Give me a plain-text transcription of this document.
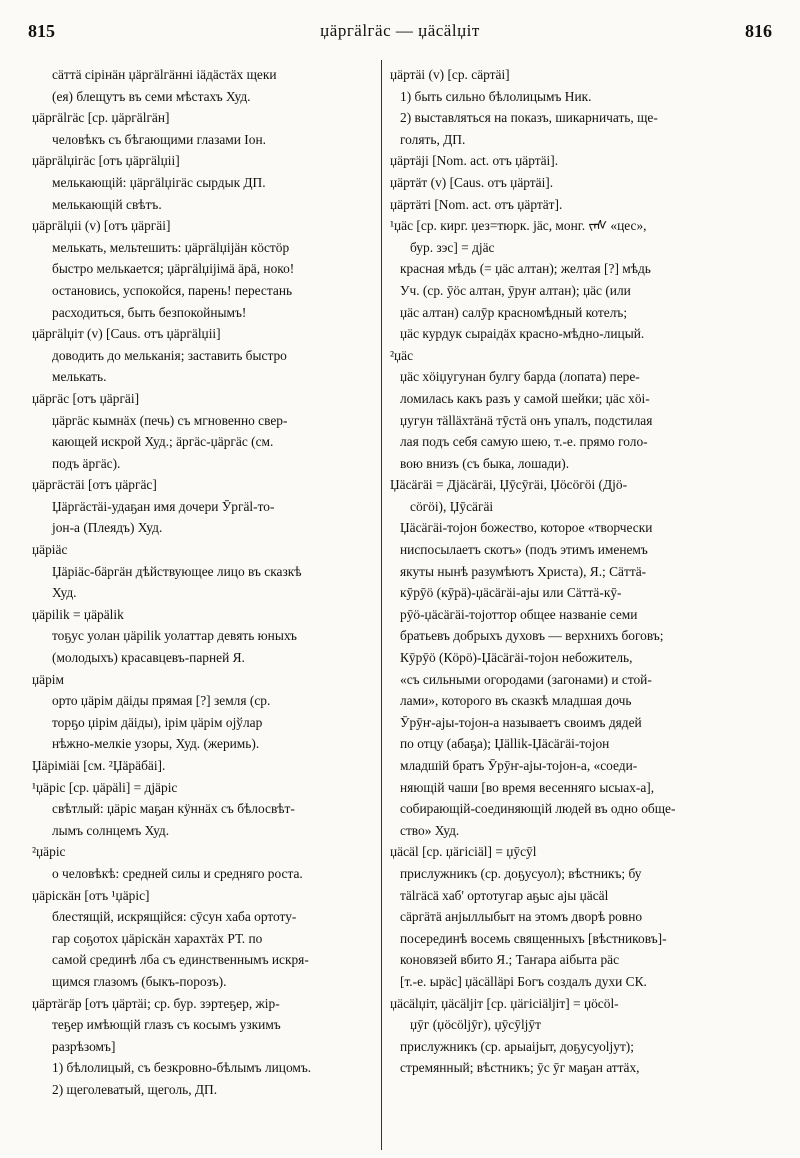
815	џäргälгäс — џäсälџiт	816
сäттä сірінäн џäргälгäнні iäдäстäх щеки
(ея) блещутъ въ семи мѣстахъ Худ.
џäргälгäс [ср. џäргälгäн]
человѣкъ съ бѣгающими глазами Іон.
џäргälџiгäс [отъ џäргälџii]
мелькающій: џäргälџiгäс сырдык ДП.
мелькающій свѣтъ.
џäргälџii (v) [отъ џäргäi]
мелькать, мельтешить: џäргälџiјäн кöстöр
быстро мелькается; џäргälџiјiмä äрä, ноко!
остановись, успокойся, парень! перестань
расходиться, быть безпокойнымъ!
џäргälџiт (v) [Caus. отъ џäргälџii]
доводить до мельканія; заставить быстро
мелькать.
џäргäс [отъ џäргäi]
џäргäс кымнäх (печь) съ мгновенно свер-
кающей искрой Худ.; äргäс-џäргäс (см.
подъ äргäс).
џäргäстäi [отъ џäргäс]
Џäргäстäi-удаҕан имя дочери Ӯргäl-то-
јон-а (Плеядъ) Худ.
џäріäс
Џäріäс-бäргäн дѣйствующее лицо въ сказкѣ
Худ.
џäрilik = џäрälik
тоҕус уолан џäрilik уолаттар девять юныхъ
(молодыхъ) красавцевъ-парней Я.
џäрiм
орто џäрiм дäiды прямая [?] земля (ср.
торҕо џiрiм дäiды), ірiм џäрiм оjўлар
нѣжно-мелкіе узоры, Худ. (жеримь).
Џäрiмiäi [см. ²Џäрäбäi].
¹џäріс [ср. џäрäli] = дјäріс
свѣтлый: џäріс маҕан кÿннäх съ бѣлосвѣт-
лымъ солнцемъ Худ.
²џäріс
о человѣкѣ: средней силы и средняго роста.
џäрiскäн [отъ ¹џäріс]
блестящій, искрящійся: сӯсун хаба ортоту-
гар соҕотох џäрiскäн харахтäх РТ. по
самой срединѣ лба съ единственнымъ искря-
щимся глазомъ (быкъ-порозъ).
џäртäгäр [отъ џäртäi; ср. бур. зэртеҕер, жiр-
теҕер имѣющій глазъ съ косымъ узкимъ
разрѣзомъ]
1) бѣлолицый, съ безкровно-бѣлымъ лицомъ.
2) щеголеватый, щеголь, ДП.
џäртäi (v) [ср. сäртäi]
1) быть сильно бѣлолицымъ Ник.
2) выставляться на показъ, шикарничать, ще-
голять, ДП.
џäртäјi [Nom. act. отъ џäртäi].
џäртäт (v) [Caus. отъ џäртäi].
џäртäті [Nom. act. отъ џäртäт].
¹џäс [ср. кирг. џез=тюрк. јäс, монг. ᠵᠡᠰ «цес»,
бур. зэс] = дјäс
красная мѣдь (= џäс алтан); желтая [?] мѣдь
Уч. (ср. ӯöс алтан, ӯруҥ алтан); џäс (или
џäс алтан) салӯр красномѣдный котелъ;
џäс курдук сыраiдäх красно-мѣдно-лицый.
²џäс
џäс хöiџугунан булгу барда (лопата) пере-
ломилась какъ разъ у самой шейки; џäс хöi-
џугун тälläхтäнä тӯстä онъ упалъ, подстилая
лая подъ себя самую шею, т.-е. прямо голо-
вою внизъ (съ быка, лошади).
Џäсäгäi = Дјäсäгäi, Џӯсӯгäi, Џöсöгöi (Дјö-
сöгöi), Џӯсäгäi
Џäсäгäi-тојон божество, которое «творчески
ниспосылаетъ скотъ» (подъ этимъ именемъ
якуты нынѣ разумѣютъ Христа), Я.; Сäттä-
кӯрӯö (кӯрä)-џäсäгäi-ајы или Сäттä-кӯ-
рӯö-џäсäгäi-тојоттор общее названіе семи
братьевъ добрыхъ духовъ — верхнихъ боговъ;
Кӯрӯö (Кöрö)-Џäсäгäi-тојон небожитель,
«съ сильными огородами (загонами) и стой-
лами», которого въ сказкѣ младшая дочь
Ӯрӯҥ-ајы-тојон-а называетъ своимъ дядей
по отцу (абаҕа); Џällik-Џäсäгäi-тојон
младшій братъ Ӯрӯҥ-ајы-тојон-а, «соеди-
няющій чаши [во время весенняго ысыах-а],
собирающій-соединяющій людей въ одно обще-
ство» Худ.
џäсäl [ср. џäгiсiäl] = џӯсӯl
прислужникъ (ср. доҕусуол); вѣстникъ; бу
тälгäсä хаб' ортотугар аҕыс ајы џäсäl
сäргäтä анјыллыбыт на этомъ дворѣ ровно
посерединѣ восемь священныхъ [вѣстниковъ]-
коновязей вбито Я.; Таҥара аiбыта рäс
[т.-е. ырäс] џäсälläрi Богъ создалъ духи СК.
џäсälџiт, џäсälјiт [ср. џäгiсiälјiт] = џöсöl-
џӯг (џöсölјӯг), џӯсӯlјӯт
прислужникъ (ср. арыаiјыт, доҕусуоlјут);
стремянный; вѣстникъ; ӯс ӯг маҕан аттäх,
